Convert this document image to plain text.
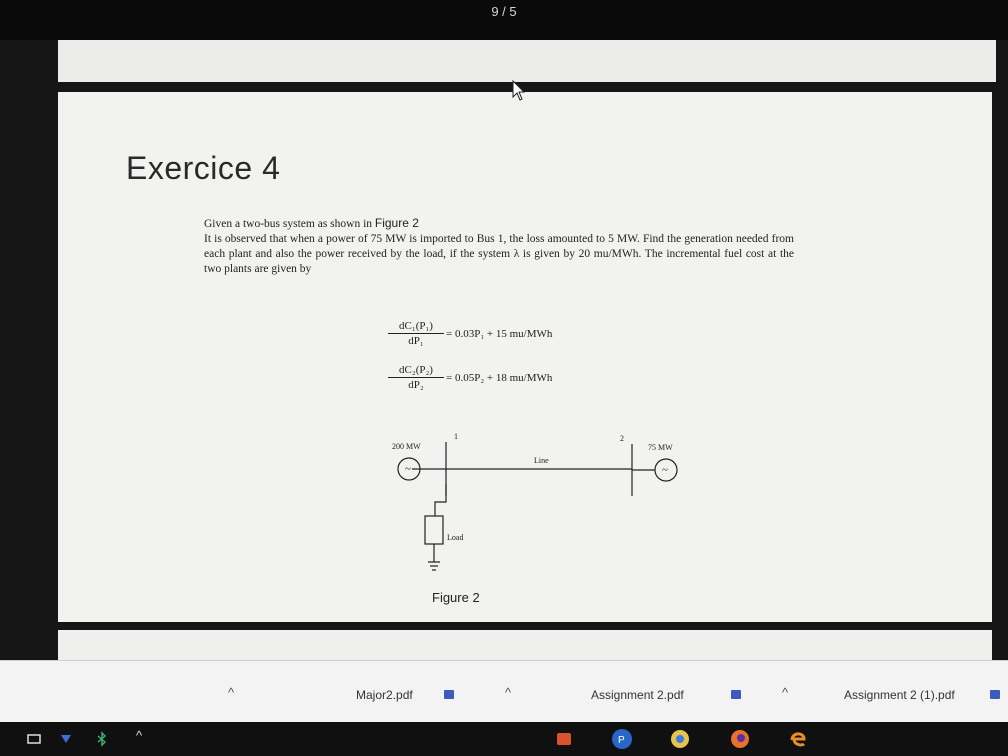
9 / 5
Exercice 4
Given a two-bus system as shown in Figure 2
It is observed that when a power of 75 MW is imported to Bus 1, the loss amounted to 5 MW. Find the generation needed from each plant and also the power received by the load, if the system λ is given by 20 mu/MWh. The incremental fuel cost at the two plants are given by
$\frac{\text{dC₁(P₁)}}{\text{dP₁}} = 0.03P_1 + 15$ mu/MWh
$\frac{\text{dC₂(P₂)}}{\text{dP₂}} = 0.05P_2 + 18$ mu/MWh
200 MW	75 MW
1	2
Line
Load
~	~
Figure 2
^	Major2.pdf	^	Assignment 2.pdf	^	Assignment 2 (1).pdf
^	P
